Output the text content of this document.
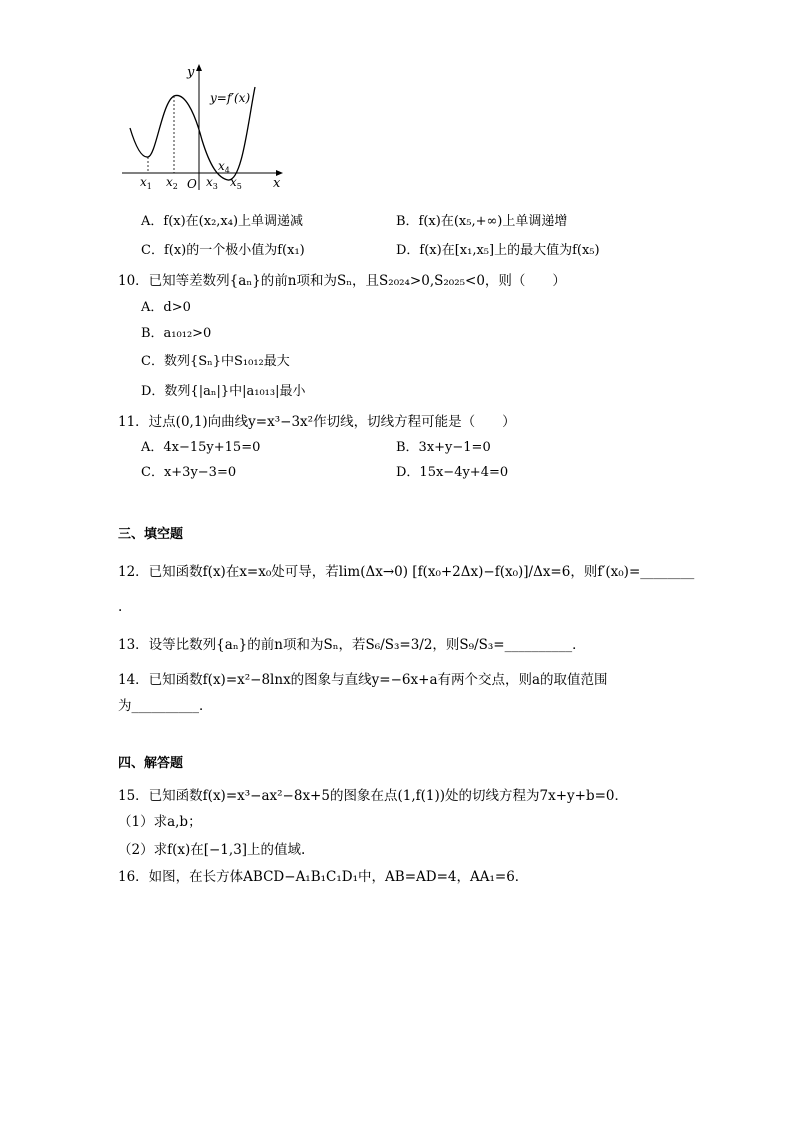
y
y=f′(x)
x
O
$x_1$ $x_2$ $x_3$
$x_4$
$x_5$
A．f(x)在(x₂,x₄)上单调递减	B．f(x)在(x₅,+∞)上单调递增
C．f(x)的一个极小值为f(x₁)	D．f(x)在[x₁,x₅]上的最大值为f(x₅)
10．已知等差数列{aₙ}的前n项和为Sₙ，且S₂₀₂₄>0,S₂₀₂₅<0，则（　　）
A．d>0
B．a₁₀₁₂>0
C．数列{Sₙ}中S₁₀₁₂最大
D．数列{|aₙ|}中|a₁₀₁₃|最小
11．过点(0,1)向曲线y=x³−3x²作切线，切线方程可能是（　　）
A．4x−15y+15=0	B．3x+y−1=0
C．x+3y−3=0	D．15x−4y+4=0
三、填空题
12．已知函数f(x)在x=x₀处可导，若lim(Δx→0) [f(x₀+2Δx)−f(x₀)]/Δx=6，则f′(x₀)=________
.
13．设等比数列{aₙ}的前n项和为Sₙ，若S₆/S₃=3/2，则S₉/S₃=__________．
14．已知函数f(x)=x²−8lnx的图象与直线y=−6x+a有两个交点，则a的取值范围
为__________．
四、解答题
15．已知函数f(x)=x³−ax²−8x+5的图象在点(1,f(1))处的切线方程为7x+y+b=0．
（1）求a,b；
（2）求f(x)在[−1,3]上的值域.
16．如图，在长方体ABCD−A₁B₁C₁D₁中，AB=AD=4，AA₁=6．
